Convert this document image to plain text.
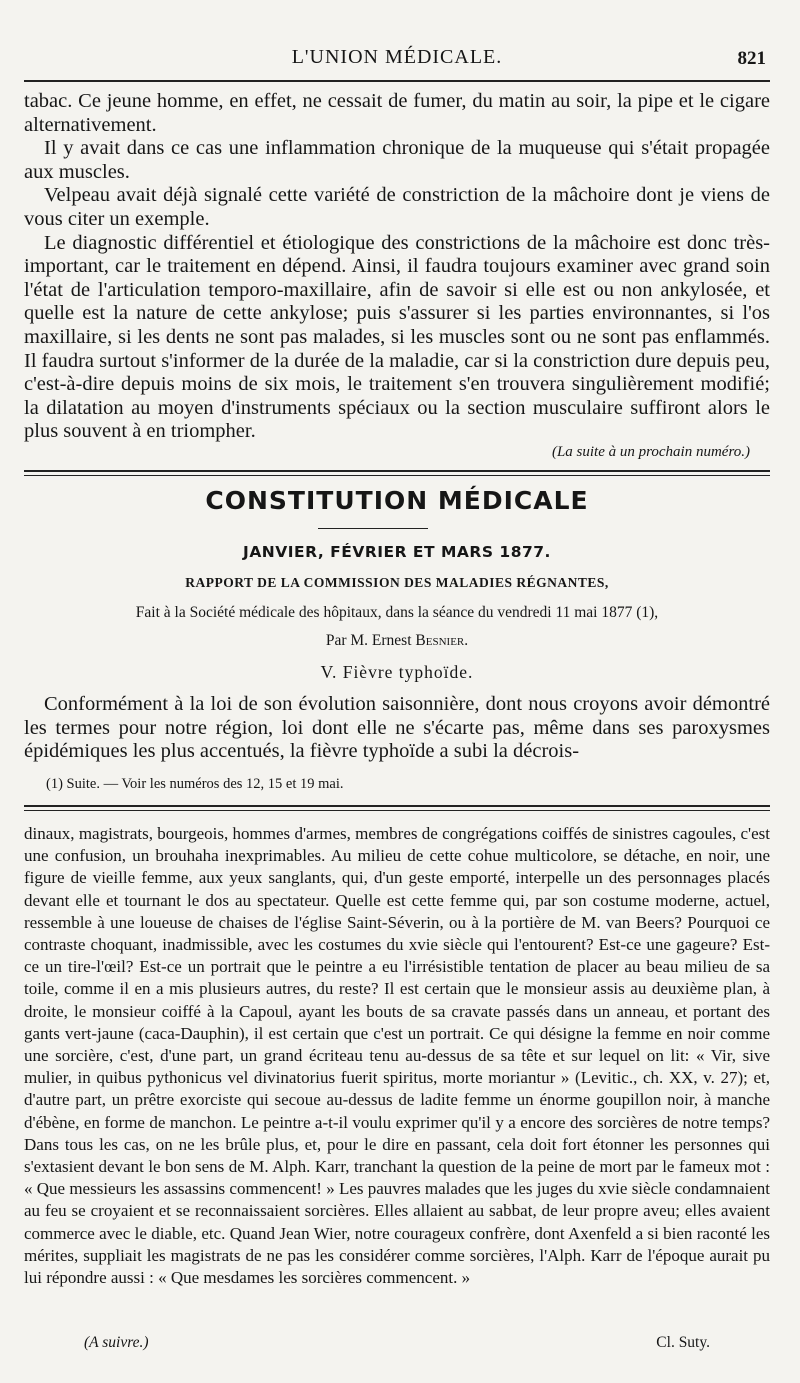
L'UNION MÉDICALE.	821

tabac. Ce jeune homme, en effet, ne cessait de fumer, du matin au soir, la pipe et le cigare alternativement.

Il y avait dans ce cas une inflammation chronique de la muqueuse qui s'était propagée aux muscles.

Velpeau avait déjà signalé cette variété de constriction de la mâchoire dont je viens de vous citer un exemple.

Le diagnostic différentiel et étiologique des constrictions de la mâchoire est donc très-important, car le traitement en dépend. Ainsi, il faudra toujours examiner avec grand soin l'état de l'articulation temporo-maxillaire, afin de savoir si elle est ou non ankylosée, et quelle est la nature de cette ankylose; puis s'assurer si les parties environnantes, si l'os maxillaire, si les dents ne sont pas malades, si les muscles sont ou ne sont pas enflammés. Il faudra surtout s'informer de la durée de la maladie, car si la constriction dure depuis peu, c'est-à-dire depuis moins de six mois, le traitement s'en trouvera singulièrement modifié; la dilatation au moyen d'instruments spéciaux ou la section musculaire suffiront alors le plus souvent à en triompher.

(La suite à un prochain numéro.)

CONSTITUTION MÉDICALE
JANVIER, FÉVRIER ET MARS 1877.
RAPPORT DE LA COMMISSION DES MALADIES RÉGNANTES,
Fait à la Société médicale des hôpitaux, dans la séance du vendredi 11 mai 1877 (1),
Par M. Ernest Besnier.
V. Fièvre typhoïde.

Conformément à la loi de son évolution saisonnière, dont nous croyons avoir démontré les termes pour notre région, loi dont elle ne s'écarte pas, même dans ses paroxysmes épidémiques les plus accentués, la fièvre typhoïde a subi la décrois-

(1) Suite. — Voir les numéros des 12, 15 et 19 mai.

dinaux, magistrats, bourgeois, hommes d'armes, membres de congrégations coiffés de sinistres cagoules, c'est une confusion, un brouhaha inexprimables. Au milieu de cette cohue multicolore, se détache, en noir, une figure de vieille femme, aux yeux sanglants, qui, d'un geste emporté, interpelle un des personnages placés devant elle et tournant le dos au spectateur. Quelle est cette femme qui, par son costume moderne, actuel, ressemble à une loueuse de chaises de l'église Saint-Séverin, ou à la portière de M. van Beers? Pourquoi ce contraste choquant, inadmissible, avec les costumes du xvie siècle qui l'entourent? Est-ce une gageure? Est-ce un tire-l'œil? Est-ce un portrait que le peintre a eu l'irrésistible tentation de placer au beau milieu de sa toile, comme il en a mis plusieurs autres, du reste? Il est certain que le monsieur assis au deuxième plan, à droite, le monsieur coiffé à la Capoul, ayant les bouts de sa cravate passés dans un anneau, et portant des gants vert-jaune (caca-Dauphin), il est certain que c'est un portrait. Ce qui désigne la femme en noir comme une sorcière, c'est, d'une part, un grand écriteau tenu au-dessus de sa tête et sur lequel on lit: « Vir, sive mulier, in quibus pythonicus vel divinatorius fuerit spiritus, morte moriantur » (Levitic., ch. XX, v. 27); et, d'autre part, un prêtre exorciste qui secoue au-dessus de ladite femme un énorme goupillon noir, à manche d'ébène, en forme de manchon. Le peintre a-t-il voulu exprimer qu'il y a encore des sorcières de notre temps? Dans tous les cas, on ne les brûle plus, et, pour le dire en passant, cela doit fort étonner les personnes qui s'extasient devant le bon sens de M. Alph. Karr, tranchant la question de la peine de mort par le fameux mot : « Que messieurs les assassins commencent! » Les pauvres malades que les juges du xvie siècle condamnaient au feu se croyaient et se reconnaissaient sorcières. Elles allaient au sabbat, de leur propre aveu; elles avaient commerce avec le diable, etc. Quand Jean Wier, notre courageux confrère, dont Axenfeld a si bien raconté les mérites, suppliait les magistrats de ne pas les considérer comme sorcières, l'Alph. Karr de l'époque aurait pu lui répondre aussi : « Que mesdames les sorcières commencent. »

(A suivre.)	Cl. Suty.
